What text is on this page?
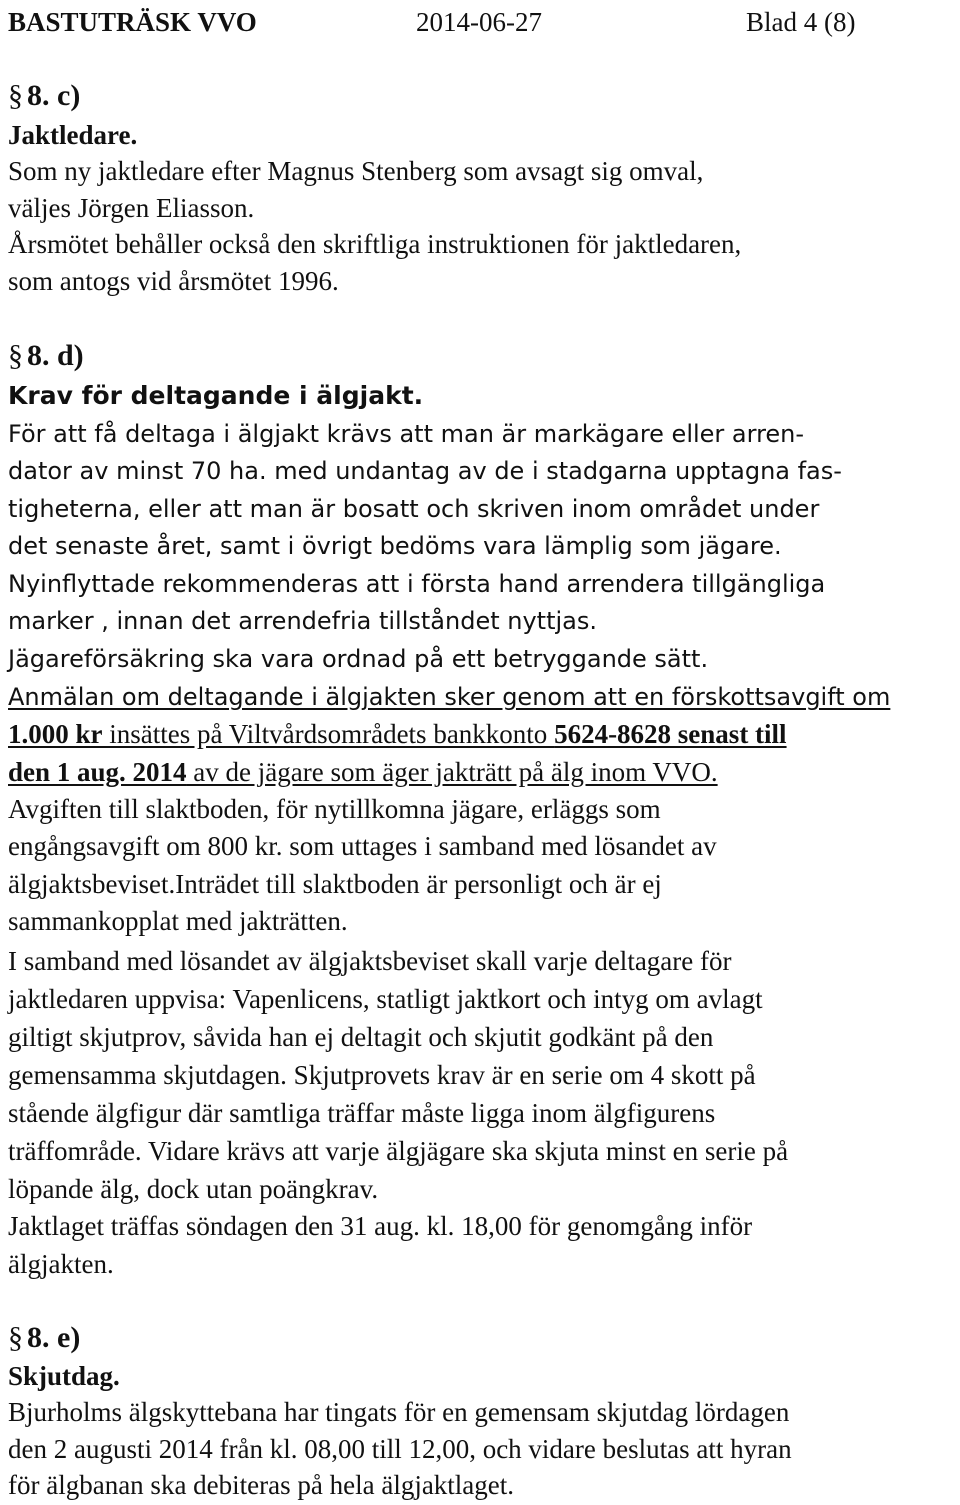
BASTUTRÄSK VVO	2014-06-27	Blad 4 (8)
§ 8. c)
Jaktledare.
Som ny jaktledare efter Magnus Stenberg som avsagt sig omval,
väljes Jörgen Eliasson.
Årsmötet behåller också den skriftliga instruktionen för jaktledaren,
som antogs vid årsmötet 1996.
§ 8. d)
Krav för deltagande i älgjakt.
För att få deltaga i älgjakt krävs att man är markägare eller arren-
dator av minst 70 ha. med undantag av de i stadgarna upptagna fas-
tigheterna, eller att man är bosatt och skriven inom området under
det senaste året, samt i övrigt bedöms vara lämplig som jägare.
Nyinflyttade rekommenderas att i första hand arrendera tillgängliga
marker , innan det arrendefria tillståndet nyttjas.
Jägareförsäkring ska vara ordnad på ett betryggande sätt.
Anmälan om deltagande i älgjakten sker genom att en förskottsavgift om
1.000 kr insättes på Viltvårdsområdets bankkonto 5624-8628 senast till
den 1 aug. 2014 av de jägare som äger jakträtt på älg inom VVO.
Avgiften till slaktboden, för nytillkomna jägare, erläggs som
engångsavgift om 800 kr. som uttages i samband med lösandet av
älgjaktsbeviset.Inträdet till slaktboden är personligt och är ej
sammankopplat med jakträtten.
I samband med lösandet av älgjaktsbeviset skall varje deltagare för
jaktledaren uppvisa: Vapenlicens, statligt jaktkort och intyg om avlagt
giltigt skjutprov, såvida han ej deltagit och skjutit godkänt på den
gemensamma skjutdagen. Skjutprovets krav är en serie om 4 skott på
stående älgfigur där samtliga träffar måste ligga inom älgfigurens
träffområde. Vidare krävs att varje älgjägare ska skjuta minst en serie på
löpande älg, dock utan poängkrav.
Jaktlaget träffas söndagen den 31 aug. kl. 18,00 för genomgång inför
älgjakten.
§ 8. e)
Skjutdag.
Bjurholms älgskyttebana har tingats för en gemensam skjutdag lördagen
den 2 augusti 2014 från kl. 08,00 till 12,00, och vidare beslutas att hyran
för älgbanan ska debiteras på hela älgjaktlaget.
